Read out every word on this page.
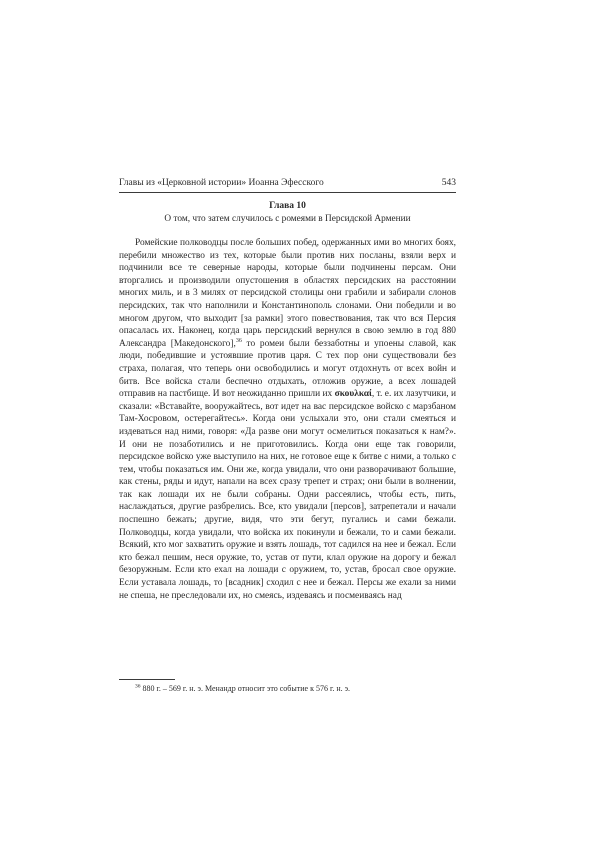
Главы из «Церковной истории» Иоанна Эфесского	543
Глава 10
О том, что затем случилось с ромеями в Персидской Армении

Ромейские полководцы после больших побед, одержанных ими во многих боях, перебили множество из тех, которые были против них посланы, взяли верх и подчинили все те северные народы, которые были подчинены персам. Они вторгались и производили опустошения в областях персидских на расстоянии многих миль, и в 3 милях от персидской столицы они грабили и забирали слонов персидских, так что наполнили и Константинополь слонами. Они победили и во многом другом, что выходит [за рамки] этого повествования, так что вся Персия опасалась их. Наконец, когда царь персидский вернулся в свою землю в год 880 Александра [Македонского],$^{36}$ то ромеи были беззаботны и упоены славой, как люди, победившие и устоявшие против царя. С тех пор они существовали без страха, полагая, что теперь они освободились и могут отдохнуть от всех войн и битв. Все войска стали беспечно отдыхать, отложив оружие, а всех лошадей отправив на пастбище. И вот неожиданно пришли их σκουλκαί, т. е. их лазутчики, и сказали: «Вставайте, вооружайтесь, вот идет на вас персидское войско с марзбаном Там-Хосровом, остерегайтесь». Когда они услыхали это, они стали смеяться и издеваться над ними, говоря: «Да разве они могут осмелиться показаться к нам?». И они не позаботились и не приготовились. Когда они еще так говорили, персидское войско уже выступило на них, не готовое еще к битве с ними, а только с тем, чтобы показаться им. Они же, когда увидали, что они разворачивают большие, как стены, ряды и идут, напали на всех сразу трепет и страх; они были в волнении, так как лошади их не были собраны. Одни рассеялись, чтобы есть, пить, наслаждаться, другие разбрелись. Все, кто увидали [персов], затрепетали и начали поспешно бежать; другие, видя, что эти бегут, пугались и сами бежали. Полководцы, когда увидали, что войска их покинули и бежали, то и сами бежали. Всякий, кто мог захватить оружие и взять лошадь, тот садился на нее и бежал. Если кто бежал пешим, неся оружие, то, устав от пути, клал оружие на дорогу и бежал безоружным. Если кто ехал на лошади с оружием, то, устав, бросал свое оружие. Если уставала лошадь, то [всадник] сходил с нее и бежал. Персы же ехали за ними не спеша, не преследовали их, но смеясь, издеваясь и посмеиваясь над

$^{36}$ 880 г. – 569 г. н. э. Менандр относит это событие к 576 г. н. э.
